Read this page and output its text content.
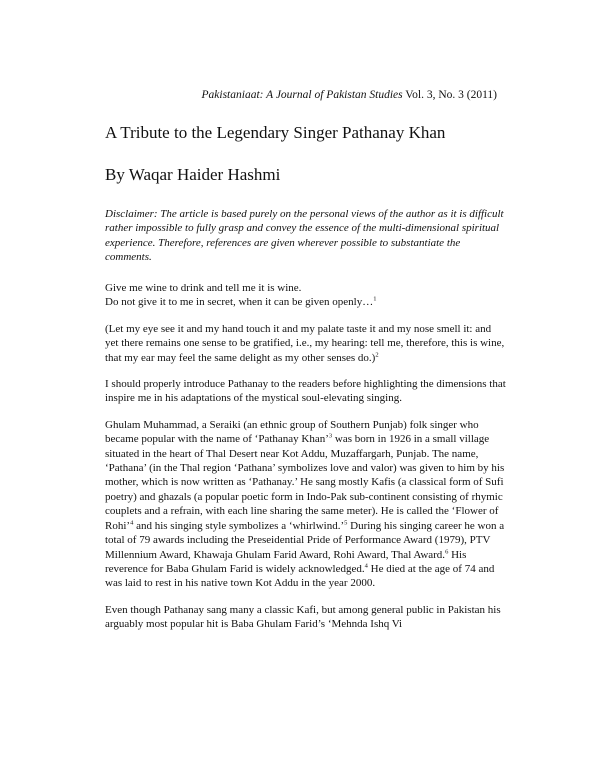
Pakistaniaat: A Journal of Pakistan Studies Vol. 3, No. 3 (2011)
A Tribute to the Legendary Singer Pathanay Khan
By Waqar Haider Hashmi

Disclaimer: The article is based purely on the personal views of the author as it is difficult rather impossible to fully grasp and convey the essence of the multi-dimensional spiritual experience. Therefore, references are given wherever possible to substantiate the comments.

Give me wine to drink and tell me it is wine.
Do not give it to me in secret, when it can be given openly…$^1$

(Let my eye see it and my hand touch it and my palate taste it and my nose smell it: and yet there remains one sense to be gratified, i.e., my hearing: tell me, therefore, this is wine, that my ear may feel the same delight as my other senses do.)$^2$

I should properly introduce Pathanay to the readers before highlighting the dimensions that inspire me in his adaptations of the mystical soul-elevating singing.

Ghulam Muhammad, a Seraiki (an ethnic group of Southern Punjab) folk singer who became popular with the name of ‘Pathanay Khan’$^3$ was born in 1926 in a small village situated in the heart of Thal Desert near Kot Addu, Muzaffargarh, Punjab. The name, ‘Pathana’ (in the Thal region ‘Pathana’ symbolizes love and valor) was given to him by his mother, which is now written as ‘Pathanay.’ He sang mostly Kafis (a classical form of Sufi poetry) and ghazals (a popular poetic form in Indo-Pak sub-continent consisting of rhymic couplets and a refrain, with each line sharing the same meter). He is called the ‘Flower of Rohi’$^4$ and his singing style symbolizes a ‘whirlwind.’$^5$ During his singing career he won a total of 79 awards including the Preseidential Pride of Performance Award (1979), PTV Millennium Award, Khawaja Ghulam Farid Award, Rohi Award, Thal Award.$^6$ His reverence for Baba Ghulam Farid is widely acknowledged.$^4$ He died at the age of 74 and was laid to rest in his native town Kot Addu in the year 2000.

Even though Pathanay sang many a classic Kafi, but among general public in Pakistan his arguably most popular hit is Baba Ghulam Farid’s ‘Mehnda Ishq Vi
